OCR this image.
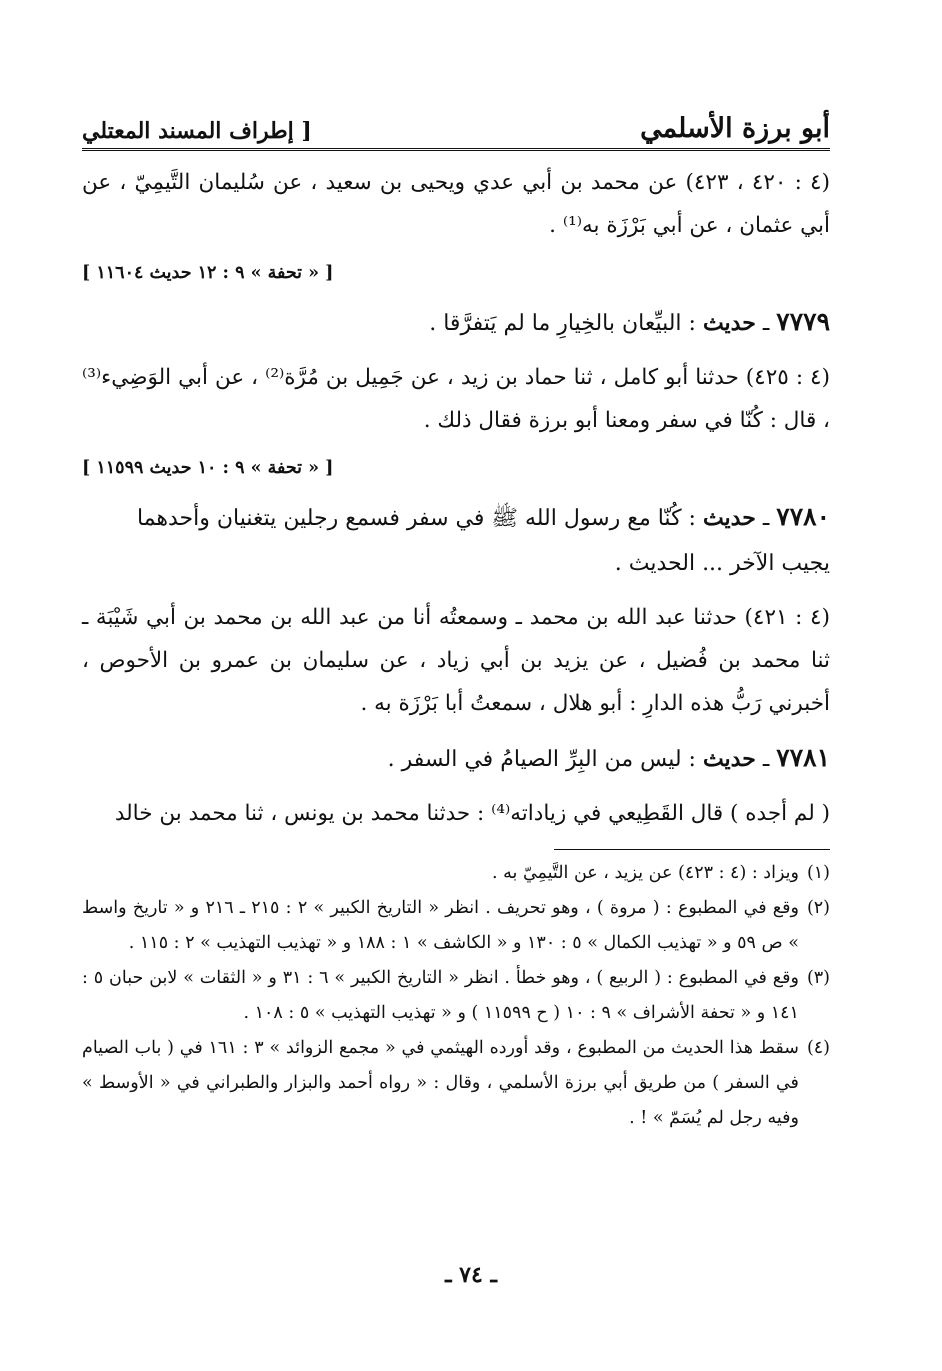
أبو برزة الأسلمي
[ إطراف المسند المعتلي

(٤ : ٤٢٠ ، ٤٢٣) عن محمد بن أبي عدي ويحيى بن سعيد ، عن سُليمان التَّيمِيّ ، عن أبي عثمان ، عن أبي بَرْزَة به⁽¹⁾ .

[ « تحفة » ٩ : ١٢ حديث ١١٦٠٤ ]

٧٧٧٩ ـ حديث : البيِّعان بالخِيارِ ما لم يَتفرَّقا .

(٤ : ٤٢٥) حدثنا أبو كامل ، ثنا حماد بن زيد ، عن جَمِيل بن مُرَّة⁽²⁾ ، عن أبي الوَضِيء⁽³⁾ ، قال : كُنّا في سفر ومعنا أبو برزة فقال ذلك .

[ « تحفة » ٩ : ١٠ حديث ١١٥٩٩ ]

٧٧٨٠ ـ حديث : كُنّا مع رسول الله ﷺ في سفر فسمع رجلين يتغنيان وأحدهما يجيب الآخر ... الحديث .

(٤ : ٤٢١) حدثنا عبد الله بن محمد ـ وسمعتُه أنا من عبد الله بن محمد بن أبي شَيْبَة ـ ثنا محمد بن فُضيل ، عن يزيد بن أبي زياد ، عن سليمان بن عمرو بن الأحوص ، أخبرني رَبُّ هذه الدارِ : أبو هلال ، سمعتُ أبا بَرْزَة به .

٧٧٨١ ـ حديث : ليس من البِرِّ الصيامُ في السفر .

( لم أجده ) قال القَطِيعي في زياداته⁽⁴⁾ : حدثنا محمد بن يونس ، ثنا محمد بن خالد

(١)
ويزاد : (٤ : ٤٢٣) عن يزيد ، عن التَّيمِيّ به .
(٢)
وقع في المطبوع : ( مروة ) ، وهو تحريف . انظر « التاريخ الكبير » ٢ : ٢١٥ ـ ٢١٦ و « تاريخ واسط » ص ٥٩ و « تهذيب الكمال » ٥ : ١٣٠ و « الكاشف » ١ : ١٨٨ و « تهذيب التهذيب » ٢ : ١١٥ .
(٣)
وقع في المطبوع : ( الربيع ) ، وهو خطأ . انظر « التاريخ الكبير » ٦ : ٣١ و « الثقات » لابن حبان ٥ : ١٤١ و « تحفة الأشراف » ٩ : ١٠ ( ح ١١٥٩٩ ) و « تهذيب التهذيب » ٥ : ١٠٨ .
(٤)
سقط هذا الحديث من المطبوع ، وقد أورده الهيثمي في « مجمع الزوائد » ٣ : ١٦١ في ( باب الصيام في السفر ) من طريق أبي برزة الأسلمي ، وقال : « رواه أحمد والبزار والطبراني في « الأوسط » وفيه رجل لم يُسَمّ » ! .
ـ ٧٤ ـ
